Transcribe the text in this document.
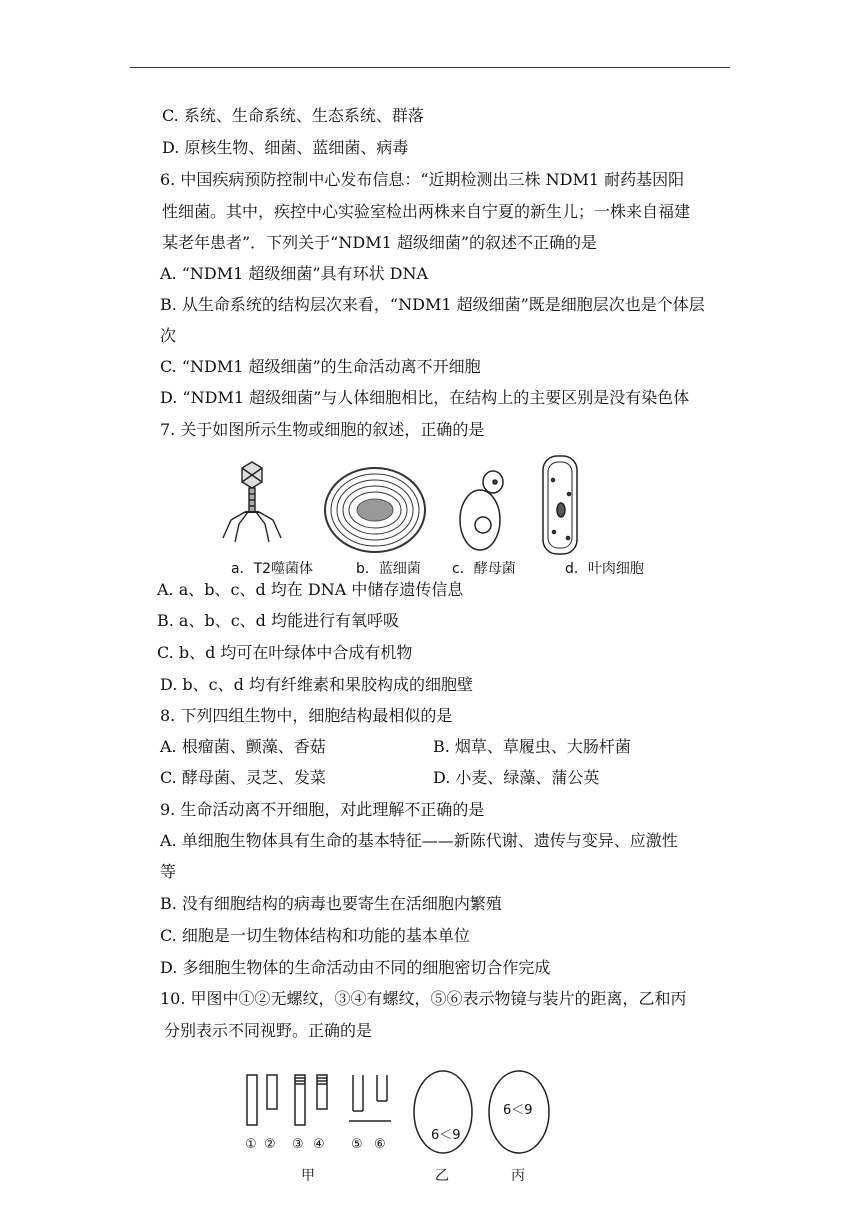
C. 系统、生命系统、生态系统、群落
D. 原核生物、细菌、蓝细菌、病毒
6. 中国疾病预防控制中心发布信息：“近期检测出三株 NDM1 耐药基因阳
性细菌。其中，疾控中心实验室检出两株来自宁夏的新生儿；一株来自福建
某老年患者”．下列关于“NDM1 超级细菌”的叙述不正确的是
A. “NDM1 超级细菌”具有环状 DNA
B. 从生命系统的结构层次来看，“NDM1 超级细菌”既是细胞层次也是个体层
次
C. “NDM1 超级细菌”的生命活动离不开细胞
D. “NDM1 超级细菌”与人体细胞相比，在结构上的主要区别是没有染色体
7. 关于如图所示生物或细胞的叙述，正确的是
a．T2噬菌体	b．蓝细菌 c．酵母菌	d．叶肉细胞
A. a、b、c、d 均在 DNA 中储存遗传信息
B. a、b、c、d 均能进行有氧呼吸
C. b、d 均可在叶绿体中合成有机物
D. b、c、d 均有纤维素和果胶构成的细胞壁
8. 下列四组生物中，细胞结构最相似的是
A. 根瘤菌、颤藻、香菇	B. 烟草、草履虫、大肠杆菌
C. 酵母菌、灵芝、发菜	D. 小麦、绿藻、蒲公英
9. 生命活动离不开细胞，对此理解不正确的是
A. 单细胞生物体具有生命的基本特征——新陈代谢、遗传与变异、应激性
等
B. 没有细胞结构的病毒也要寄生在活细胞内繁殖
C. 细胞是一切生物体结构和功能的基本单位
D. 多细胞生物体的生命活动由不同的细胞密切合作完成
10. 甲图中①②无螺纹，③④有螺纹，⑤⑥表示物镜与装片的距离，乙和丙
分别表示不同视野。正确的是
① ② ③ ④ ⑤ ⑥
6＜9
6＜9
甲	乙	丙
